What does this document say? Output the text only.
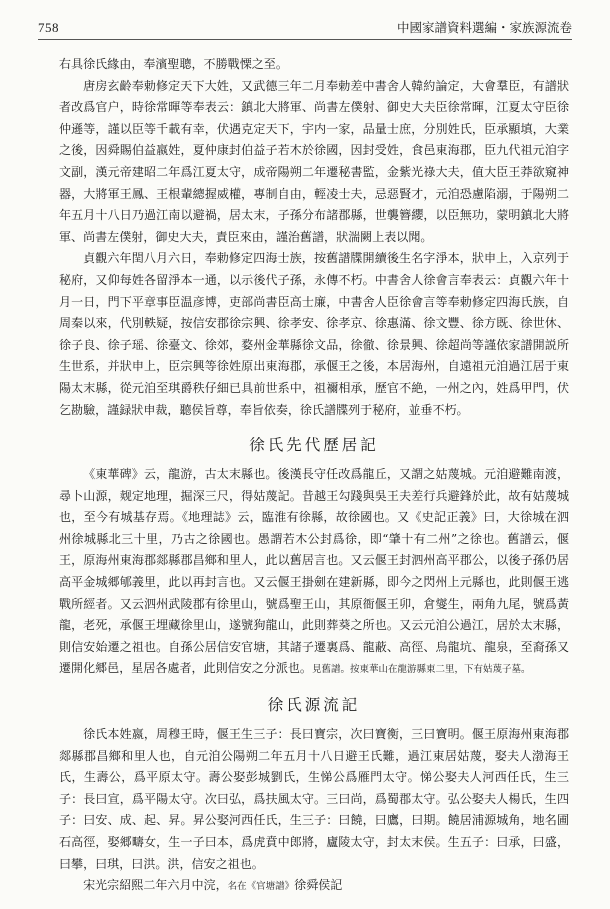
758	中國家譜資料選編・家族源流卷

右具徐氏緣由，奉濱聖聰，不勝戰慄之至。

唐房玄齡奉勅修定天下大姓，又武德三年二月奉勅差中書舍人韓約論定，大會羣臣，有譜狀者改爲官户，時徐常暉等奉表云：鎮北大將軍、尚書左僕射、御史大夫臣徐常暉，江夏太守臣徐仲遜等，謹以臣等千載有幸，伏遇克定天下，宇内一家，品量士庶，分別姓氏，臣承顯填，大業之後，因舜賜伯益嬴姓，夏仲康封伯益子若木於徐國，因封受姓，食邑東海郡，臣九代祖元洎字文副，漢元帝建昭二年爲江夏太守，成帝陽朔二年遷秘書監，金紫光祿大夫，值大臣王莽欲窺神器，大將軍王鳳、王根輩總握威權，專制自由，輕凌士夫，忌惡賢才，元洎恐慮陷溺，于陽朔二年五月十八日乃過江南以避禍，居太末，子孫分布諸郡縣，世襲簪纓，以臣無功，蒙明鎮北大將軍、尚書左僕射，御史大夫，責臣來由，謹治舊譜，狀湍闕上表以聞。

貞觀六年閏八月六日，奉勅修定四海士族，按舊譜牒開續後生名字淨本，狀申上，入京列于秘府，又仰每姓各留淨本一通，以示後代子孫，永傳不朽。中書舍人徐會言奉表云：貞觀六年十月一日，門下平章事臣温彦博，吏部尚書臣高士廉，中書舍人臣徐會言等奉勅修定四海氏族，自周秦以來，代別軼疑，按信安郡徐宗興、徐孝安、徐孝京、徐惠滿、徐文豐、徐方既、徐世休、徐子良、徐子瑶、徐臺文、徐郊，婺州金華縣徐文品，徐徹、徐景興、徐超尚等謹依家譜開説所生世系，并狀申上，臣宗興等徐姓原出東海郡，承偃王之後，本居海州，自遠祖元洎過江居于東陽太末縣，從元洎至琪爵秩仔細已具前世系中，祖禰相承，歷官不絶，一州之內，姓爲甲門，伏乞勘驗，謹録狀申裁，聽侯旨尊，奉旨依奏，徐氏譜牒列于秘府，並垂不朽。

徐氏先代歷居記

《東華碑》云，龍游，古太末縣也。後漢長守任改爲龍丘，又謂之姑蔑城。元洎避難南渡，尋卜山源，觌定地理，掘深三尺，得姑蔑記。昔越王勾踐與吳王夫差行兵避鋒於此，故有姑蔑城也，至今有城基存焉。《地理誌》云，臨淮有徐縣，故徐國也。又《史記正義》曰，大徐城在泗州徐城縣北三十里，乃古之徐國也。愚謂若木公封爲徐，即“肇十有二州”之徐也。舊譜云，偃王，原海州東海郡郯縣郡昌鄉和里人，此以舊居言也。又云偃王封泗州高平郡公，以後子孫仍居高平金城郷郇義里，此以再封言也。又云偃王掛劍在建新縣，即今之閃州上元縣也，此則偃王逃戰所經者。又云泗州武陵郡有徐里山，號爲聖王山，其原衙偃王卯，倉燮生，兩角九尾，號爲黃龍，老死，承偃王埋藏徐里山，遂號狗龍山，此則葬葵之所也。又云元洎公過江，居於太末縣，則信安始遷之祖也。自孫公居信安官塘，其諸子遷裏爲、龍蔽、高徑、烏龍坑、龍泉，至裔孫又遷開化郷邑，星居各處者，此則信安之分派也。見舊譜。按東華山在龍游縣東二里，下有姑蔑子墓。

徐氏源流記

徐氏本姓嬴，周穆王時，偃王生三子：長曰寶宗，次曰寶衡，三曰寶明。偃王原海州東海郡郯縣郡昌鄉和里人也，自元洎公陽朔二年五月十八日避王氏難，過江東居姑蔑，娶夫人渤海王氏，生壽公，爲平原太守。壽公娶彭城劉氏，生悌公爲雁門太守。悌公娶夫人河西任氏，生三子：長曰宣，爲平陽太守。次曰弘，爲扶風太守。三曰尚，爲蜀郡太守。弘公娶夫人楊氏，生四子：曰安、成、起、昇。昇公娶河西任氏，生三子：曰饒，曰鷹，曰期。饒居浦源城角，地名圃石高徑，娶郷疇女，生一子曰本，爲虎賁中郎將，廬陵太守，封太末侯。生五子：曰承，曰盛，曰攀，曰琪，曰洪。洪，信安之祖也。

宋光宗紹熙二年六月中浣，名在《官塘譜》徐舜侯記
